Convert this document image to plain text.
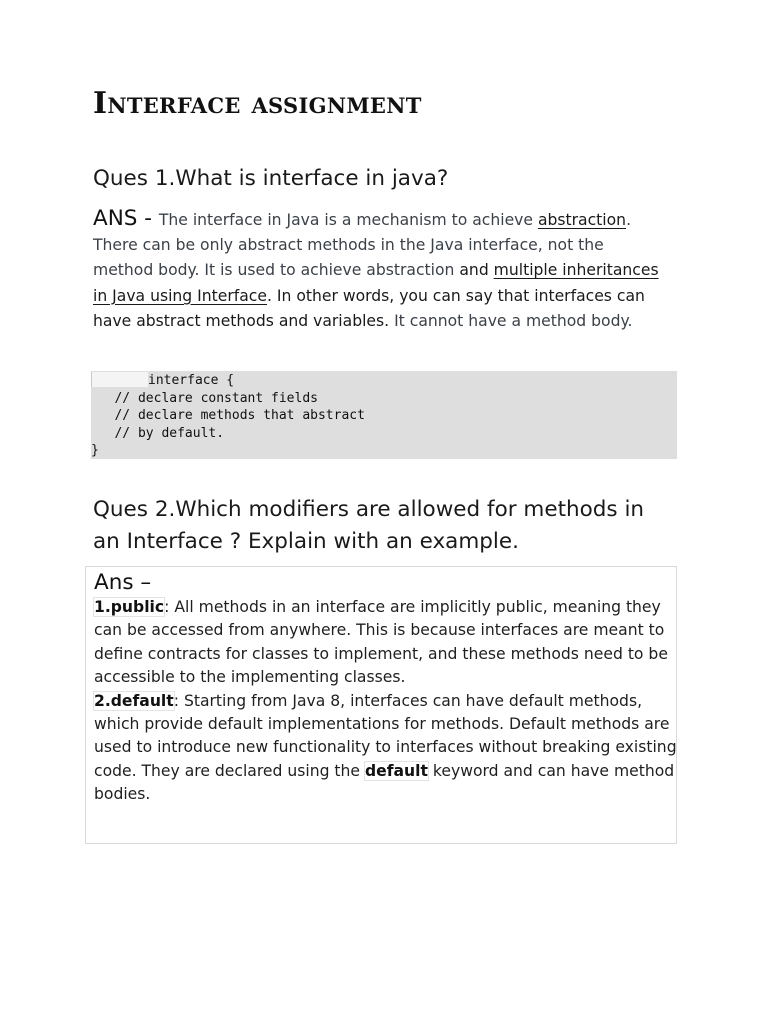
Interface assignment
Ques 1.What is interface in java?
ANS - The interface in Java is a mechanism to achieve abstraction. There can be only abstract methods in the Java interface, not the method body. It is used to achieve abstraction and multiple inheritances in Java using Interface. In other words, you can say that interfaces can have abstract methods and variables. It cannot have a method body.
interface {
// declare constant fields
// declare methods that abstract
// by default.
}
Ques 2.Which modifiers are allowed for methods in an Interface ? Explain with an example.
Ans –

1.public: All methods in an interface are implicitly public, meaning they can be accessed from anywhere. This is because interfaces are meant to define contracts for classes to implement, and these methods need to be accessible to the implementing classes.

2.default: Starting from Java 8, interfaces can have default methods, which provide default implementations for methods. Default methods are used to introduce new functionality to interfaces without breaking existing code. They are declared using the default keyword and can have method bodies.
